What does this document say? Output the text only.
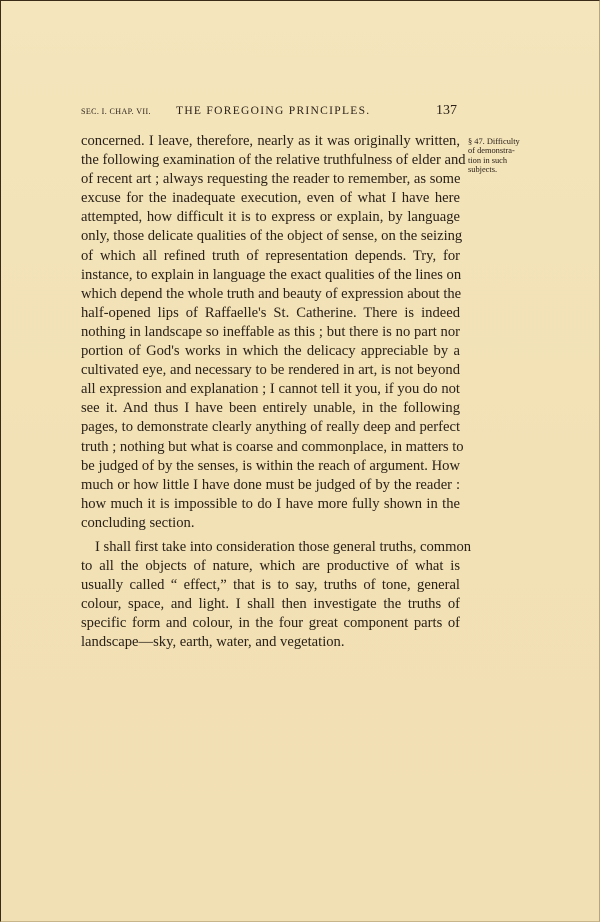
SEC. I. CHAP. VII. THE FOREGOING PRINCIPLES.	137
§ 47. Difficulty
of demonstra-
tion in such
subjects.
concerned. I leave, therefore, nearly as it was originally written,
the following examination of the relative truthfulness of elder and
of recent art ; always requesting the reader to remember, as some
excuse for the inadequate execution, even of what I have here
attempted, how difficult it is to express or explain, by language
only, those delicate qualities of the object of sense, on the seizing
of which all refined truth of representation depends. Try, for
instance, to explain in language the exact qualities of the lines on
which depend the whole truth and beauty of expression about the
half-opened lips of Raffaelle's St. Catherine. There is indeed
nothing in landscape so ineffable as this ; but there is no part nor
portion of God's works in which the delicacy appreciable by a
cultivated eye, and necessary to be rendered in art, is not beyond
all expression and explanation ; I cannot tell it you, if you do not
see it. And thus I have been entirely unable, in the following
pages, to demonstrate clearly anything of really deep and perfect
truth ; nothing but what is coarse and commonplace, in matters to
be judged of by the senses, is within the reach of argument. How
much or how little I have done must be judged of by the reader :
how much it is impossible to do I have more fully shown in the
concluding section.
I shall first take into consideration those general truths, common
to all the objects of nature, which are productive of what is
usually called “ effect,” that is to say, truths of tone, general
colour, space, and light. I shall then investigate the truths of
specific form and colour, in the four great component parts of
landscape—sky, earth, water, and vegetation.
